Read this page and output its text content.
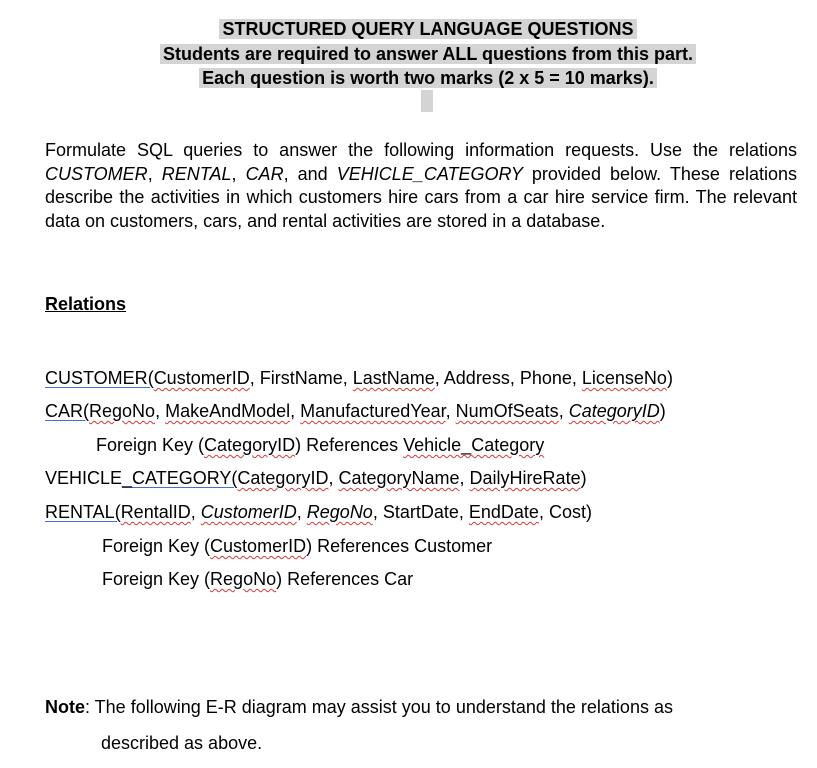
STRUCTURED QUERY LANGUAGE QUESTIONS
Students are required to answer ALL questions from this part.
Each question is worth two marks (2 x 5 = 10 marks).

Formulate SQL queries to answer the following information requests. Use the relations CUSTOMER, RENTAL, CAR, and VEHICLE_CATEGORY provided below. These relations describe the activities in which customers hire cars from a car hire service firm. The relevant data on customers, cars, and rental activities are stored in a database.

Relations
CUSTOMER(CustomerID, FirstName, LastName, Address, Phone, LicenseNo)
CAR(RegoNo, MakeAndModel, ManufacturedYear, NumOfSeats, CategoryID)
Foreign Key (CategoryID) References Vehicle_Category
VEHICLE_CATEGORY(CategoryID, CategoryName, DailyHireRate)
RENTAL(RentalID, CustomerID, RegoNo, StartDate, EndDate, Cost)
Foreign Key (CustomerID) References Customer
Foreign Key (RegoNo) References Car
Note: The following E-R diagram may assist you to understand the relations as
described as above.
